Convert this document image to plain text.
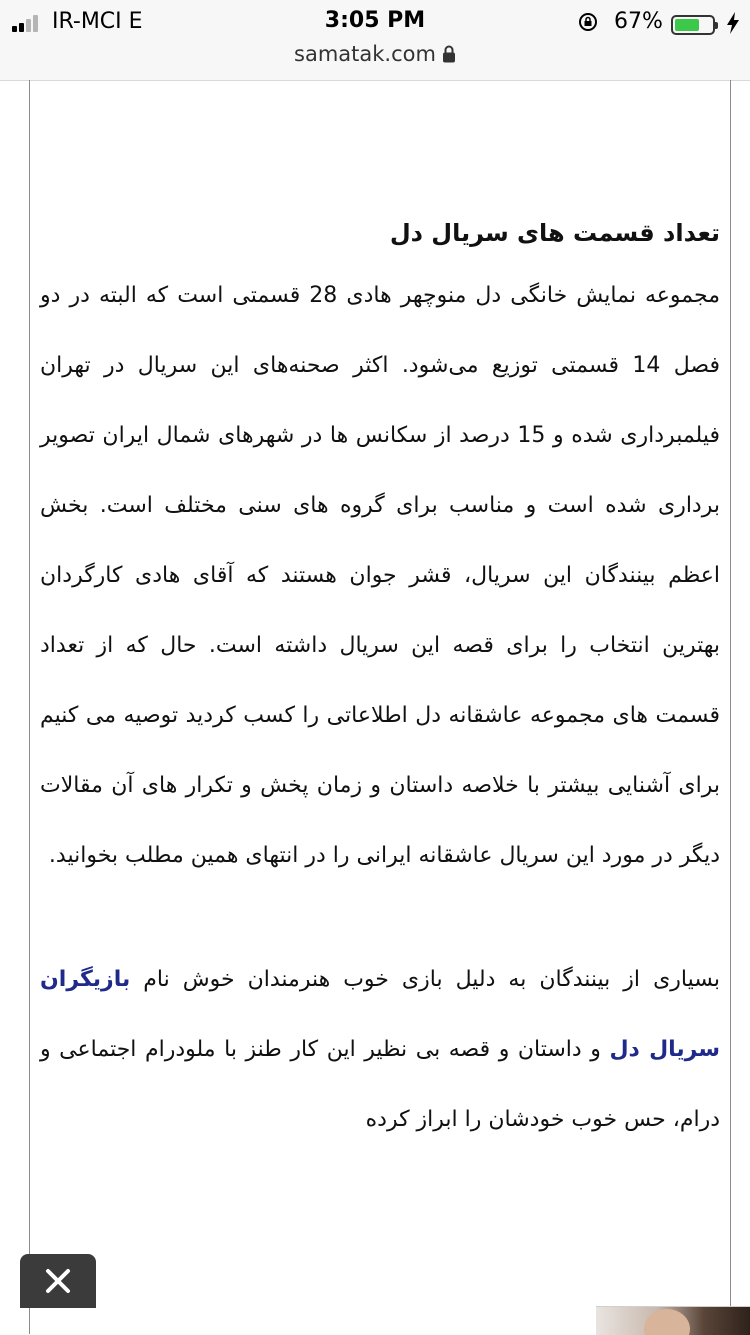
IR-MCI E	3:05 PM	67%
samatak.com
تعداد قسمت های سریال دل

مجموعه نمایش خانگی دل منوچهر هادی 28 قسمتی است که البته در دو فصل 14 قسمتی توزیع می‌شود. اکثر صحنه‌های این سریال در تهران فیلمبرداری شده و 15 درصد از سکانس ها در شهرهای شمال ایران تصویر برداری شده است و مناسب برای گروه های سنی مختلف است. بخش اعظم بینندگان این سریال، قشر جوان هستند که آقای هادی کارگردان بهترین انتخاب را برای قصه این سریال داشته است. حال که از تعداد قسمت های مجموعه عاشقانه دل اطلاعاتی را کسب کردید توصیه می کنیم برای آشنایی بیشتر با خلاصه داستان و زمان پخش و تکرار های آن مقالات دیگر در مورد این سریال عاشقانه ایرانی را در انتهای همین مطلب بخوانید.

بسیاری از بینندگان به دلیل بازی خوب هنرمندان خوش نام بازیگران سریال دل و داستان و قصه بی نظیر این کار طنز با ملودرام اجتماعی و درام، حس خوب خودشان را ابراز کرده
